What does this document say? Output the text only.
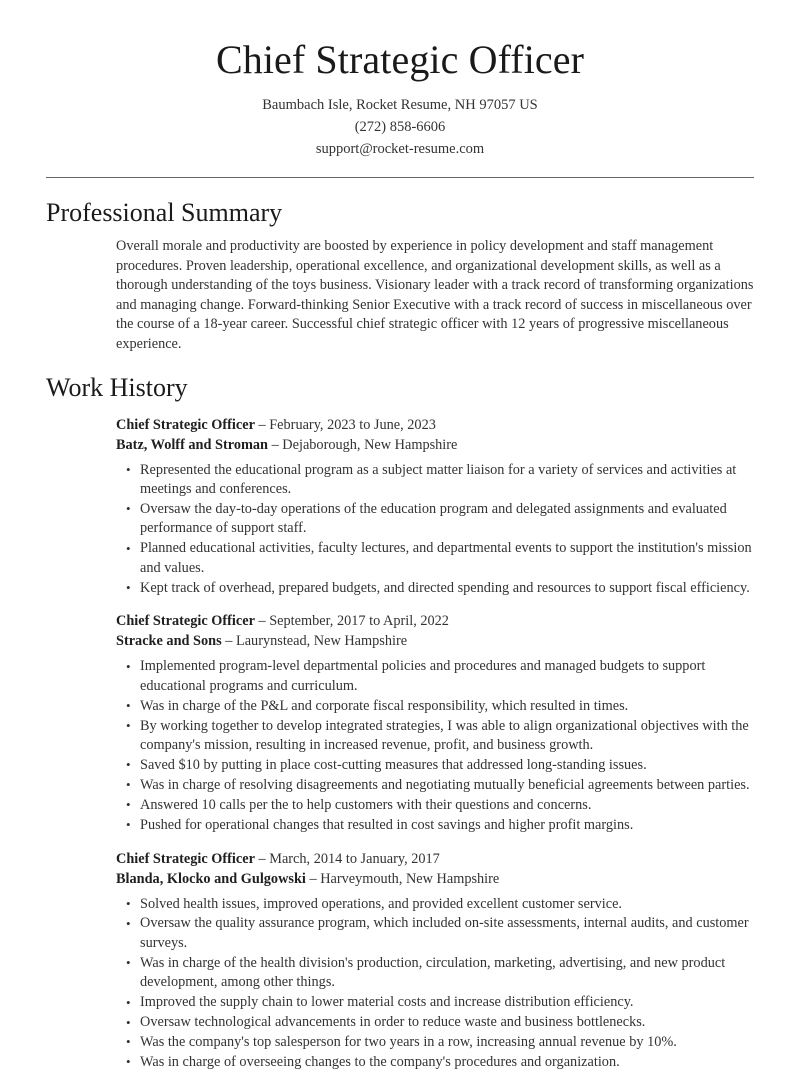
Chief Strategic Officer

Baumbach Isle, Rocket Resume, NH 97057 US

(272) 858-6606

support@rocket-resume.com

Professional Summary

Overall morale and productivity are boosted by experience in policy development and staff management procedures. Proven leadership, operational excellence, and organizational development skills, as well as a thorough understanding of the toys business. Visionary leader with a track record of transforming organizations and managing change. Forward-thinking Senior Executive with a track record of success in miscellaneous over the course of a 18-year career. Successful chief strategic officer with 12 years of progressive miscellaneous experience.

Work History
Chief Strategic Officer – February, 2023 to June, 2023
Batz, Wolff and Stroman – Dejaborough, New Hampshire
• Represented the educational program as a subject matter liaison for a variety of services and activities at meetings and conferences.
• Oversaw the day-to-day operations of the education program and delegated assignments and evaluated performance of support staff.
• Planned educational activities, faculty lectures, and departmental events to support the institution's mission and values.
• Kept track of overhead, prepared budgets, and directed spending and resources to support fiscal efficiency.
Chief Strategic Officer – September, 2017 to April, 2022
Stracke and Sons – Laurynstead, New Hampshire
• Implemented program-level departmental policies and procedures and managed budgets to support educational programs and curriculum.
• Was in charge of the P&L and corporate fiscal responsibility, which resulted in times.
• By working together to develop integrated strategies, I was able to align organizational objectives with the company's mission, resulting in increased revenue, profit, and business growth.
• Saved $10 by putting in place cost-cutting measures that addressed long-standing issues.
• Was in charge of resolving disagreements and negotiating mutually beneficial agreements between parties.
• Answered 10 calls per the to help customers with their questions and concerns.
• Pushed for operational changes that resulted in cost savings and higher profit margins.
Chief Strategic Officer – March, 2014 to January, 2017
Blanda, Klocko and Gulgowski – Harveymouth, New Hampshire
• Solved health issues, improved operations, and provided excellent customer service.
• Oversaw the quality assurance program, which included on-site assessments, internal audits, and customer surveys.
• Was in charge of the health division's production, circulation, marketing, advertising, and new product development, among other things.
• Improved the supply chain to lower material costs and increase distribution efficiency.
• Oversaw technological advancements in order to reduce waste and business bottlenecks.
• Was the company's top salesperson for two years in a row, increasing annual revenue by 10%.
• Was in charge of overseeing changes to the company's procedures and organization.
